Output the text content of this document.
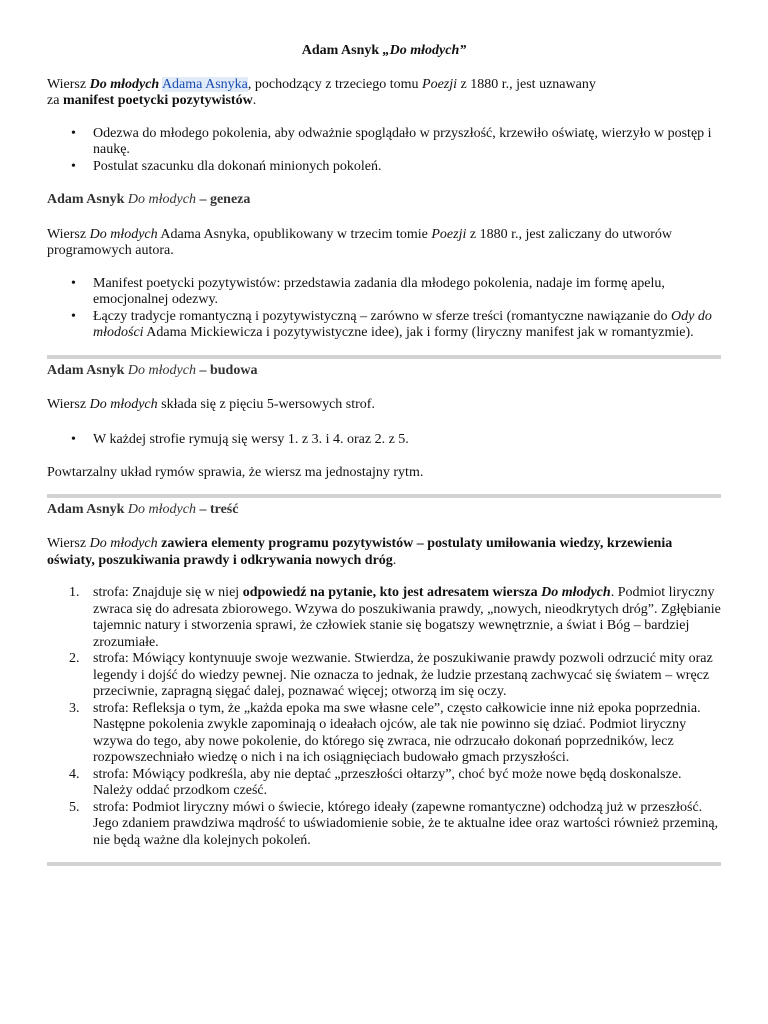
Adam Asnyk „Do młodych”

Wiersz Do młodych Adama Asnyka, pochodzący z trzeciego tomu Poezji z 1880 r., jest uznawany
za manifest poetycki pozytywistów.

• Odezwa do młodego pokolenia, aby odważnie spoglądało w przyszłość, krzewiło oświatę, wierzyło w postęp i naukę.
• Postulat szacunku dla dokonań minionych pokoleń.

Adam Asnyk Do młodych – geneza

Wiersz Do młodych Adama Asnyka, opublikowany w trzecim tomie Poezji z 1880 r., jest zaliczany do utworów programowych autora.

• Manifest poetycki pozytywistów: przedstawia zadania dla młodego pokolenia, nadaje im formę apelu, emocjonalnej odezwy.
• Łączy tradycje romantyczną i pozytywistyczną – zarówno w sferze treści (romantyczne nawiązanie do Ody do młodości Adama Mickiewicza i pozytywistyczne idee), jak i formy (liryczny manifest jak w romantyzmie).

Adam Asnyk Do młodych – budowa

Wiersz Do młodych składa się z pięciu 5-wersowych strof.

• W każdej strofie rymują się wersy 1. z 3. i 4. oraz 2. z 5.

Powtarzalny układ rymów sprawia, że wiersz ma jednostajny rytm.

Adam Asnyk Do młodych – treść

Wiersz Do młodych zawiera elementy programu pozytywistów – postulaty umiłowania wiedzy, krzewienia oświaty, poszukiwania prawdy i odkrywania nowych dróg.

1. strofa: Znajduje się w niej odpowiedź na pytanie, kto jest adresatem wiersza Do młodych. Podmiot liryczny zwraca się do adresata zbiorowego. Wzywa do poszukiwania prawdy, „nowych, nieodkrytych dróg”. Zgłębianie tajemnic natury i stworzenia sprawi, że człowiek stanie się bogatszy wewnętrznie, a świat i Bóg – bardziej zrozumiałe.
2. strofa: Mówiący kontynuuje swoje wezwanie. Stwierdza, że poszukiwanie prawdy pozwoli odrzucić mity oraz legendy i dojść do wiedzy pewnej. Nie oznacza to jednak, że ludzie przestaną zachwycać się światem – wręcz przeciwnie, zapragną sięgać dalej, poznawać więcej; otworzą im się oczy.
3. strofa: Refleksja o tym, że „każda epoka ma swe własne cele”, często całkowicie inne niż epoka poprzednia. Następne pokolenia zwykle zapominają o ideałach ojców, ale tak nie powinno się dziać. Podmiot liryczny wzywa do tego, aby nowe pokolenie, do którego się zwraca, nie odrzucało dokonań poprzedników, lecz rozpowszechniało wiedzę o nich i na ich osiągnięciach budowało gmach przyszłości.
4. strofa: Mówiący podkreśla, aby nie deptać „przeszłości ołtarzy”, choć być może nowe będą doskonalsze. Należy oddać przodkom cześć.
5. strofa: Podmiot liryczny mówi o świecie, którego ideały (zapewne romantyczne) odchodzą już w przeszłość. Jego zdaniem prawdziwa mądrość to uświadomienie sobie, że te aktualne idee oraz wartości również przeminą, nie będą ważne dla kolejnych pokoleń.
